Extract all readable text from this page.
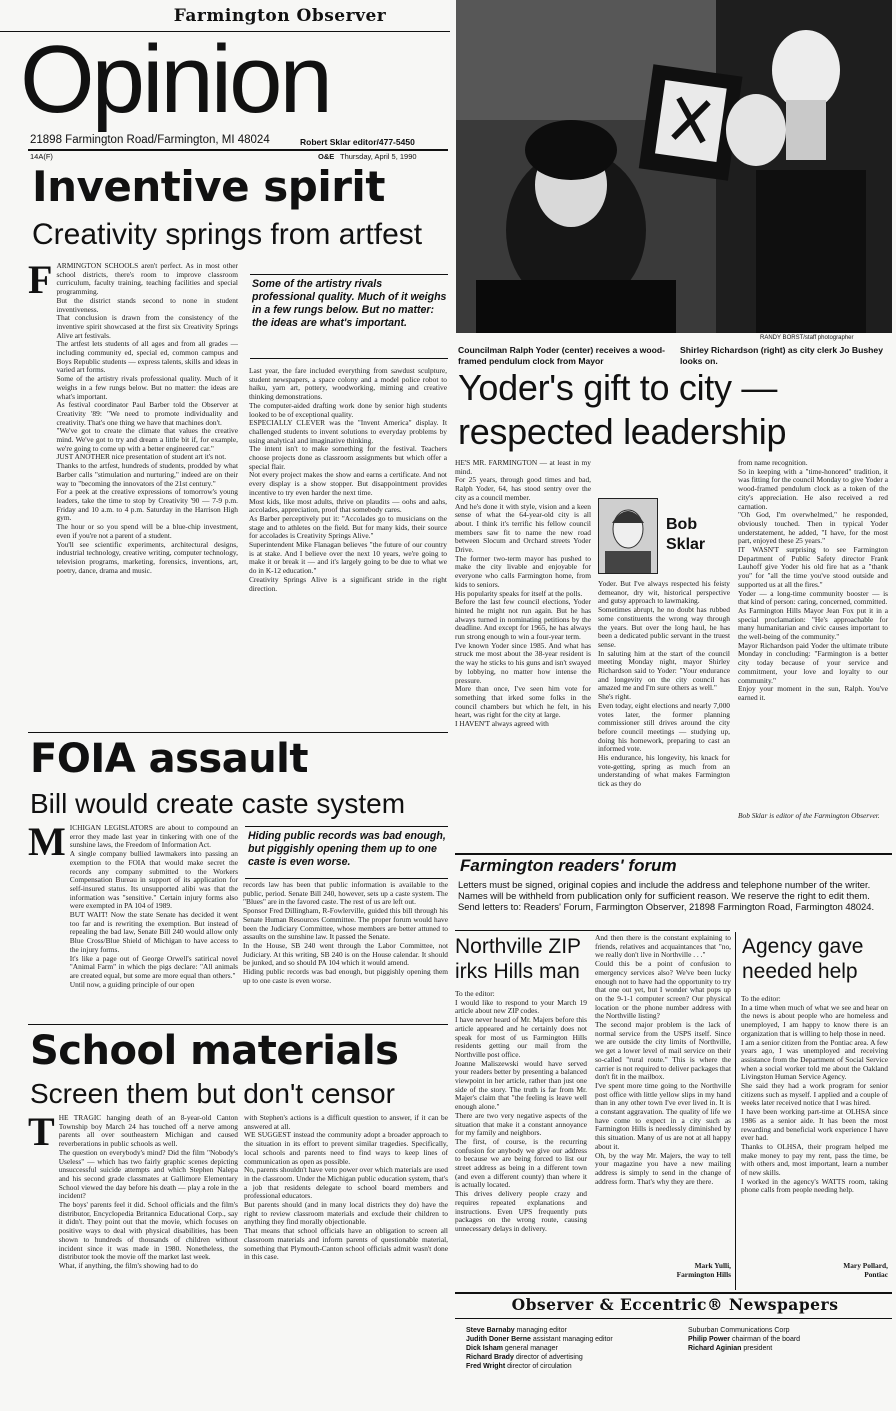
Farmington Observer
Opinion
21898 Farmington Road/Farmington, MI 48024	Robert Sklar editor/477-5450
14A(F)	O&E Thursday, April 5, 1990
RANDY BORST/staff photographer
Councilman Ralph Yoder (center) receives a wood-framed pendulum clock from Mayor
Shirley Richardson (right) as city clerk Jo Bushey looks on.
Inventive spirit
Creativity springs from artfest
F ARMINGTON SCHOOLS aren't perfect. As in most other school districts, there's room to improve classroom curriculum, faculty training, teaching facilities and special programming.
But the district stands second to none in student inventiveness.
That conclusion is drawn from the consistency of the inventive spirit showcased at the first six Creativity Springs Alive art festivals.
The artfest lets students of all ages and from all grades — including community ed, special ed, common campus and Boys Republic students — express talents, skills and ideas in varied art forms.
Some of the artistry rivals professional quality. Much of it weighs in a few rungs below. But no matter: the ideas are what's important.
As festival coordinator Paul Barber told the Observer at Creativity '89: "We need to promote individuality and creativity. That's one thing we have that machines don't.
"We've got to create the climate that values the creative mind. We've got to try and dream a little bit if, for example, we're going to come up with a better engineered car."
JUST ANOTHER nice presentation of student art it's not.
Thanks to the artfest, hundreds of students, prodded by what Barber calls "stimulation and nurturing," indeed are on their way to "becoming the innovators of the 21st century."
For a peek at the creative expressions of tomorrow's young leaders, take the time to stop by Creativity '90 — 7-9 p.m. Friday and 10 a.m. to 4 p.m. Saturday in the Harrison High gym.
The hour or so you spend will be a blue-chip investment, even if you're not a parent of a student.
You'll see scientific experiments, architectural designs, industrial technology, creative writing, computer technology, television programs, marketing, forensics, inventions, art, poetry, dance, drama and music.
Some of the artistry rivals professional quality. Much of it weighs in a few rungs below. But no matter: the ideas are what's important.
Last year, the fare included everything from sawdust sculpture, student newspapers, a space colony and a model police robot to haiku, yarn art, pottery, woodworking, miming and creative thinking demonstrations.
The computer-aided drafting work done by senior high students looked to be of exceptional quality.
ESPECIALLY CLEVER was the "Invent America" display. It challenged students to invent solutions to everyday problems by using analytical and imaginative thinking.
The intent isn't to make something for the festival. Teachers choose projects done as classroom assignments but which offer a special flair.
Not every project makes the show and earns a certificate. And not every display is a show stopper. But disappointment provides incentive to try even harder the next time.
Most kids, like most adults, thrive on plaudits — oohs and aahs, accolades, appreciation, proof that somebody cares.
As Barber perceptively put it: "Accolades go to musicians on the stage and to athletes on the field. But for many kids, their source for accolades is Creativity Springs Alive."
Superintendent Mike Flanagan believes "the future of our country is at stake. And I believe over the next 10 years, we're going to make it or break it — and it's largely going to be due to what we do in K-12 education."
Creativity Springs Alive is a significant stride in the right direction.
FOIA assault
Bill would create caste system
M ICHIGAN LEGISLATORS are about to compound an error they made last year in tinkering with one of the sunshine laws, the Freedom of Information Act.
A single company bullied lawmakers into passing an exemption to the FOIA that would make secret the records any company submitted to the Workers Compensation Bureau in support of its application for self-insured status. Its unsupported alibi was that the information was "sensitive." Certain injury forms also were exempted in PA 104 of 1989.
BUT WAIT! Now the state Senate has decided it went too far and is rewriting the exemption. But instead of repealing the bad law, Senate Bill 240 would allow only Blue Cross/Blue Shield of Michigan to have access to the injury forms.
It's like a page out of George Orwell's satirical novel "Animal Farm" in which the pigs declare: "All animals are created equal, but some are more equal than others."
Until now, a guiding principle of our open
Hiding public records was bad enough, but piggishly opening them up to one caste is even worse.
records law has been that public information is available to the public, period. Senate Bill 240, however, sets up a caste system. The "Blues" are in the favored caste. The rest of us are left out.
Sponsor Fred Dillingham, R-Fowlerville, guided this bill through his Senate Human Resources Committee. The proper forum would have been the Judiciary Committee, whose members are better attuned to assaults on the sunshine law. It passed the Senate.
In the House, SB 240 went through the Labor Committee, not Judiciary. At this writing, SB 240 is on the House calendar. It should be junked, and so should PA 104 which it would amend.
Hiding public records was bad enough, but piggishly opening them up to one caste is even worse.
School materials
Screen them but don't censor
T HE TRAGIC hanging death of an 8-year-old Canton Township boy March 24 has touched off a nerve among parents all over southeastern Michigan and caused reverberations in public schools as well.
The question on everybody's mind? Did the film "Nobody's Useless" — which has two fairly graphic scenes depicting unsuccessful suicide attempts and which Stephen Nalepa and his second grade classmates at Gallimore Elementary School viewed the day before his death — play a role in the incident?
The boys' parents feel it did. School officials and the film's distributor, Encyclopedia Britannica Educational Corp., say it didn't. They point out that the movie, which focuses on positive ways to deal with physical disabilities, has been shown to hundreds of thousands of children without incident since it was made in 1980. Nonetheless, the distributor took the movie off the market last week.
What, if anything, the film's showing had to do
with Stephen's actions is a difficult question to answer, if it can be answered at all.
WE SUGGEST instead the community adopt a broader approach to the situation in its effort to prevent similar tragedies. Specifically, local schools and parents need to find ways to keep lines of communication as open as possible.
No, parents shouldn't have veto power over which materials are used in the classroom. Under the Michigan public education system, that's a job that residents delegate to school board members and professional educators.
But parents should (and in many local districts they do) have the right to review classroom materials and exclude their children to anything they find morally objectionable.
That means that school officials have an obligation to screen all classroom materials and inform parents of questionable material, something that Plymouth-Canton school officials admit wasn't done in this case.
Yoder's gift to city —
respected leadership
HE'S MR. FARMINGTON — at least in my mind.
For 25 years, through good times and bad, Ralph Yoder, 64, has stood sentry over the city as a council member.
And he's done it with style, vision and a keen sense of what the 64-year-old city is all about. I think it's terrific his fellow council members saw fit to name the new road between Slocum and Orchard streets Yoder Drive.
The former two-term mayor has pushed to make the city livable and enjoyable for everyone who calls Farmington home, from kids to seniors.
His popularity speaks for itself at the polls.
Before the last few council elections, Yoder hinted he might not run again. But he has always turned in nominating petitions by the deadline. And except for 1965, he has always run strong enough to win a four-year term.
I've known Yoder since 1985. And what has struck me most about the 38-year resident is the way he sticks to his guns and isn't swayed by lobbying, no matter how intense the pressure.
More than once, I've seen him vote for something that irked some folks in the council chambers but which he felt, in his heart, was right for the city at large.
I HAVEN'T always agreed with
Bob
Sklar
Yoder. But I've always respected his feisty demeanor, dry wit, historical perspective and gutsy approach to lawmaking.
Sometimes abrupt, he no doubt has rubbed some constituents the wrong way through the years. But over the long haul, he has been a dedicated public servant in the truest sense.
In saluting him at the start of the council meeting Monday night, mayor Shirley Richardson said to Yoder: "Your endurance and longevity on the city council has amazed me and I'm sure others as well."
She's right.
Even today, eight elections and nearly 7,000 votes later, the former planning commissioner still drives around the city before council meetings — studying up, doing his homework, preparing to cast an informed vote.
His endurance, his longevity, his knack for vote-getting, spring as much from an understanding of what makes Farmington tick as they do
from name recognition.
So in keeping with a "time-honored" tradition, it was fitting for the council Monday to give Yoder a wood-framed pendulum clock as a token of the city's appreciation. He also received a red carnation.
"Oh God, I'm overwhelmed," he responded, obviously touched. Then in typical Yoder understatement, he added, "I have, for the most part, enjoyed these 25 years."
IT WASN'T surprising to see Farmington Department of Public Safety director Frank Lauhoff give Yoder his old fire hat as a "thank you" for "all the time you've stood outside and supported us at all the fires."
Yoder — a long-time community booster — is that kind of person: caring, concerned, committed.
As Farmington Hills Mayor Jean Fox put it in a special proclamation: "He's approachable for many humanitarian and civic causes important to the well-being of the community."
Mayor Richardson paid Yoder the ultimate tribute Monday in concluding: "Farmington is a better city today because of your service and commitment, your love and loyalty to our community."
Enjoy your moment in the sun, Ralph. You've earned it.
Bob Sklar is editor of the Farmington Observer.
Farmington readers' forum
Letters must be signed, original copies and include the address and telephone number of the writer. Names will be withheld from publication only for sufficient reason. We reserve the right to edit them. Send letters to: Readers' Forum, Farmington Observer, 21898 Farmington Road, Farmington 48024.
Northville ZIP
irks Hills man
To the editor:
I would like to respond to your March 19 article about new ZIP codes.
I have never heard of Mr. Majers before this article appeared and he certainly does not speak for most of us Farmington Hills residents getting our mail from the Northville post office.
Joanne Maliszewski would have served your readers better by presenting a balanced viewpoint in her article, rather than just one side of the story. The truth is far from Mr. Majer's claim that "the feeling is leave well enough alone."
There are two very negative aspects of the situation that make it a constant annoyance for my family and neighbors.
The first, of course, is the recurring confusion for anybody we give our address to because we are being forced to list our street address as being in a different town (and even a different county) than where it is actually located.
This drives delivery people crazy and requires repeated explanations and instructions. Even UPS frequently puts packages on the wrong route, causing unnecessary delays in delivery.
And then there is the constant explaining to friends, relatives and acquaintances that "no, we really don't live in Northville . . ."
Could this be a point of confusion to emergency services also? We've been lucky enough not to have had the opportunity to try that one out yet, but I wonder what pops up on the 9-1-1 computer screen? Our physical location or the phone number address with the Northville listing?
The second major problem is the lack of normal service from the USPS itself. Since we are outside the city limits of Northville, we get a lower level of mail service on their so-called "rural route." This is where the carrier is not required to deliver packages that don't fit in the mailbox.
I've spent more time going to the Northville post office with little yellow slips in my hand than in any other town I've ever lived in. It is a constant aggravation. The quality of life we have come to expect in a city such as Farmington Hills is needlessly diminished by this situation. Many of us are not at all happy about it.
Oh, by the way Mr. Majers, the way to tell your magazine you have a new mailing address is simply to send in the change of address form. That's why they are there.
Mark Yulli,
Farmington Hills
Agency gave
needed help
To the editor:
In a time when much of what we see and hear on the news is about people who are homeless and unemployed, I am happy to know there is an organization that is willing to help those in need.
I am a senior citizen from the Pontiac area. A few years ago, I was unemployed and receiving assistance from the Department of Social Service when a social worker told me about the Oakland Livingston Human Service Agency.
She said they had a work program for senior citizens such as myself. I applied and a couple of weeks later received notice that I was hired.
I have been working part-time at OLHSA since 1986 as a senior aide. It has been the most rewarding and beneficial work experience I have ever had.
Thanks to OLHSA, their program helped me make money to pay my rent, pass the time, be with others and, most important, learn a number of new skills.
I worked in the agency's WATTS room, taking phone calls from people needing help.
Mary Pollard,
Pontiac
Observer & Eccentric® Newspapers
Steve Barnaby managing editor
Judith Doner Berne assistant managing editor
Dick Isham general manager
Richard Brady director of advertising
Fred Wright director of circulation
Suburban Communications Corp
Philip Power chairman of the board
Richard Aginian president
